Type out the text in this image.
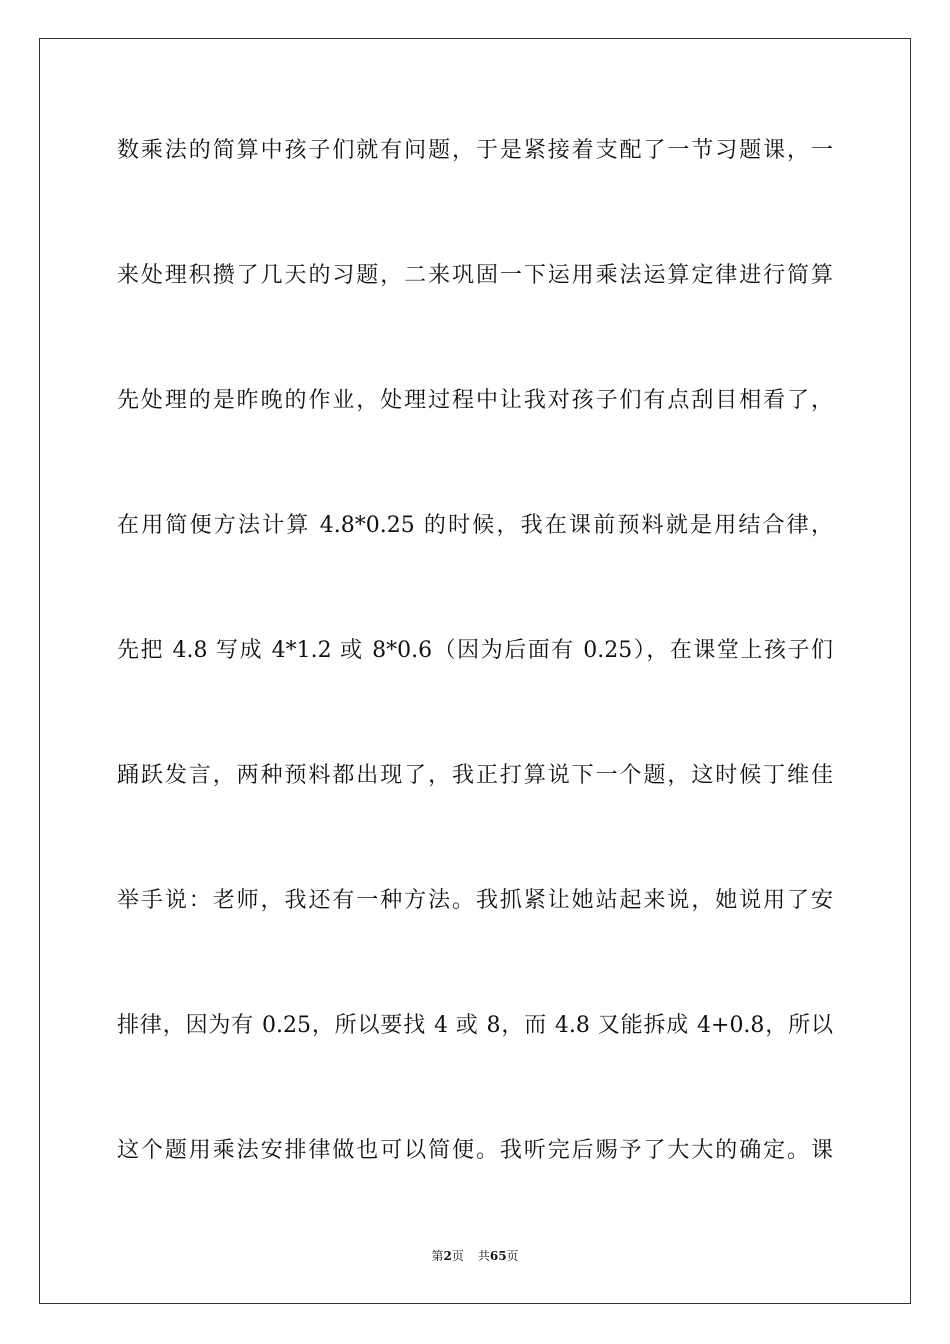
数乘法的简算中孩子们就有问题，于是紧接着支配了一节习题课，一
来处理积攒了几天的习题，二来巩固一下运用乘法运算定律进行简算
先处理的是昨晚的作业，处理过程中让我对孩子们有点刮目相看了，
在用简便方法计算 4.8*0.25 的时候，我在课前预料就是用结合律，
先把 4.8 写成 4*1.2 或 8*0.6（因为后面有 0.25），在课堂上孩子们
踊跃发言，两种预料都出现了，我正打算说下一个题，这时候丁维佳
举手说：老师，我还有一种方法。我抓紧让她站起来说，她说用了安
排律，因为有 0.25，所以要找 4 或 8，而 4.8 又能拆成 4+0.8，所以
这个题用乘法安排律做也可以简便。我听完后赐予了大大的确定。课
第2页 共65页
